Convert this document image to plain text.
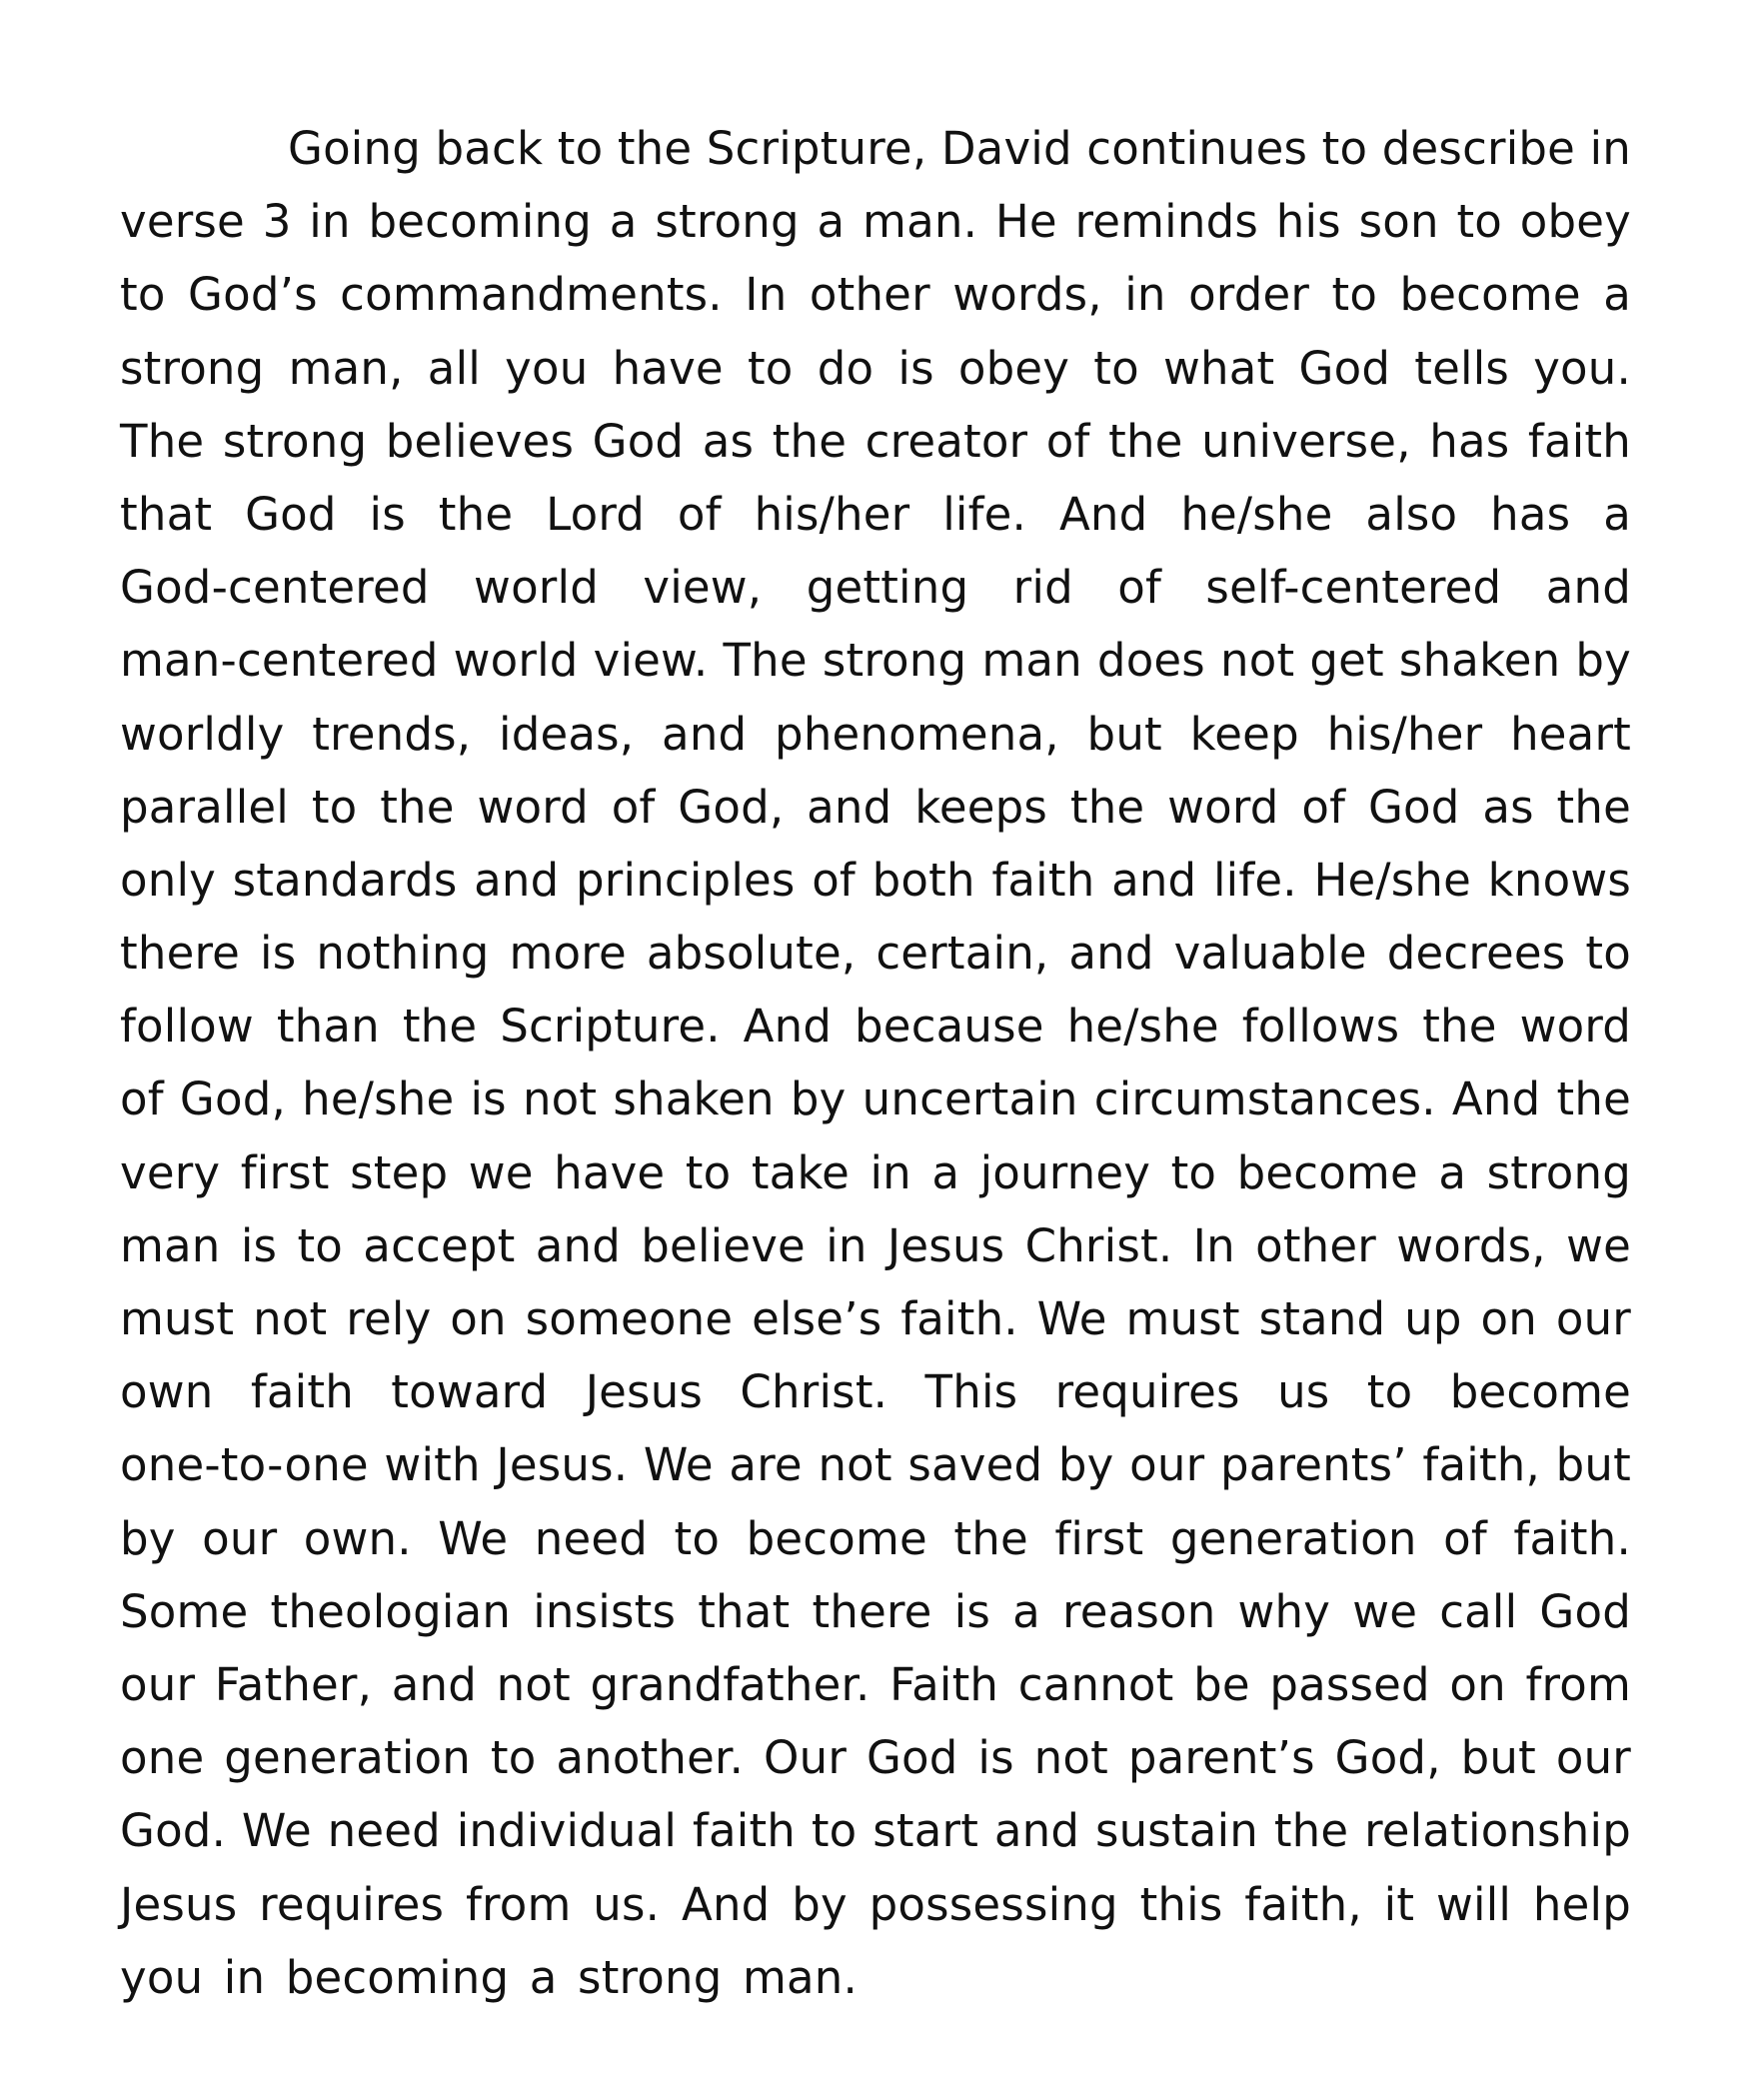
Going back to the Scripture, David continues to describe in
verse 3 in becoming a strong a man. He reminds his son to obey
to God’s commandments. In other words, in order to become a
strong man, all you have to do is obey to what God tells you.
The strong believes God as the creator of the universe, has faith
that God is the Lord of his/her life. And he/she also has a
God-centered world view, getting rid of self-centered and
man-centered world view. The strong man does not get shaken by
worldly trends, ideas, and phenomena, but keep his/her heart
parallel to the word of God, and keeps the word of God as the
only standards and principles of both faith and life. He/she knows
there is nothing more absolute, certain, and valuable decrees to
follow than the Scripture. And because he/she follows the word
of God, he/she is not shaken by uncertain circumstances. And the
very first step we have to take in a journey to become a strong
man is to accept and believe in Jesus Christ. In other words, we
must not rely on someone else’s faith. We must stand up on our
own faith toward Jesus Christ. This requires us to become
one-to-one with Jesus. We are not saved by our parents’ faith, but
by our own. We need to become the first generation of faith.
Some theologian insists that there is a reason why we call God
our Father, and not grandfather. Faith cannot be passed on from
one generation to another. Our God is not parent’s God, but our
God. We need individual faith to start and sustain the relationship
Jesus requires from us. And by possessing this faith, it will help
you in becoming a strong man.
